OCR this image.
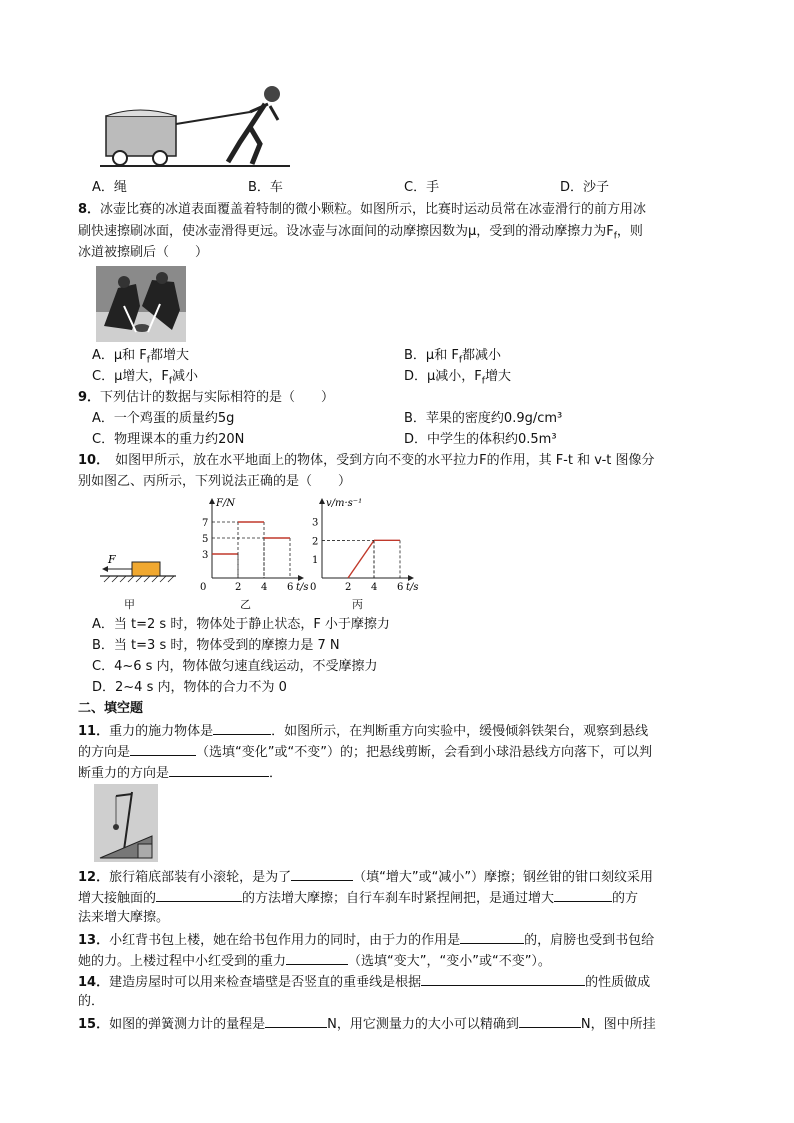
A．绳	B．车	C．手	D．沙子
8．冰壶比赛的冰道表面覆盖着特制的微小颗粒。如图所示，比赛时运动员常在冰壶滑行的前方用冰
刷快速擦刷冰面，使冰壶滑得更远。设冰壶与冰面间的动摩擦因数为μ，受到的滑动摩擦力为$F_f$，则
冰道被擦刷后（　　）
A．μ和 $F_f$都增大	B．μ和 $F_f$都减小
C．μ增大，$F_f$减小	D．μ减小，$F_f$增大
9．下列估计的数据与实际相符的是（　　）
A．一个鸡蛋的质量约5g	B．苹果的密度约0.9g/cm³
C．物理课本的重力约20N	D．中学生的体积约0.5m³
10． 如图甲所示，放在水平地面上的物体，受到方向不变的水平拉力F的作用，其 F-t 和 v-t 图像分
别如图乙、丙所示，下列说法正确的是（　　）
F
甲
F/N
t/s
0	2 4 6
3
5
7
乙
v/m·s⁻¹
t/s
0	2 4 6
1
2
3
丙
A．当 t=2 s 时，物体处于静止状态，F 小于摩擦力
B．当 t=3 s 时，物体受到的摩擦力是 7 N
C．4~6 s 内，物体做匀速直线运动，不受摩擦力
D．2~4 s 内，物体的合力不为 0
二、填空题
11．重力的施力物体是	．如图所示，在判断重方向实验中，缓慢倾斜铁架台，观察到悬线
的方向是	（选填“变化”或“不变”）的；把悬线剪断，会看到小球沿悬线方向落下，可以判
断重力的方向是	．
12．旅行箱底部装有小滚轮，是为了	（填“增大”或“减小”）摩擦；钢丝钳的钳口刻纹采用
增大接触面的	的方法增大摩擦；自行车刹车时紧捏闸把，是通过增大	的方
法来增大摩擦。
13．小红背书包上楼，她在给书包作用力的同时，由于力的作用是	的，肩膀也受到书包给
她的力。上楼过程中小红受到的重力	（选填“变大”，“变小”或“不变”）。
14．建造房屋时可以用来检查墙壁是否竖直的重垂线是根据	的性质做成
的．
15．如图的弹簧测力计的量程是	N，用它测量力的大小可以精确到	N，图中所挂
